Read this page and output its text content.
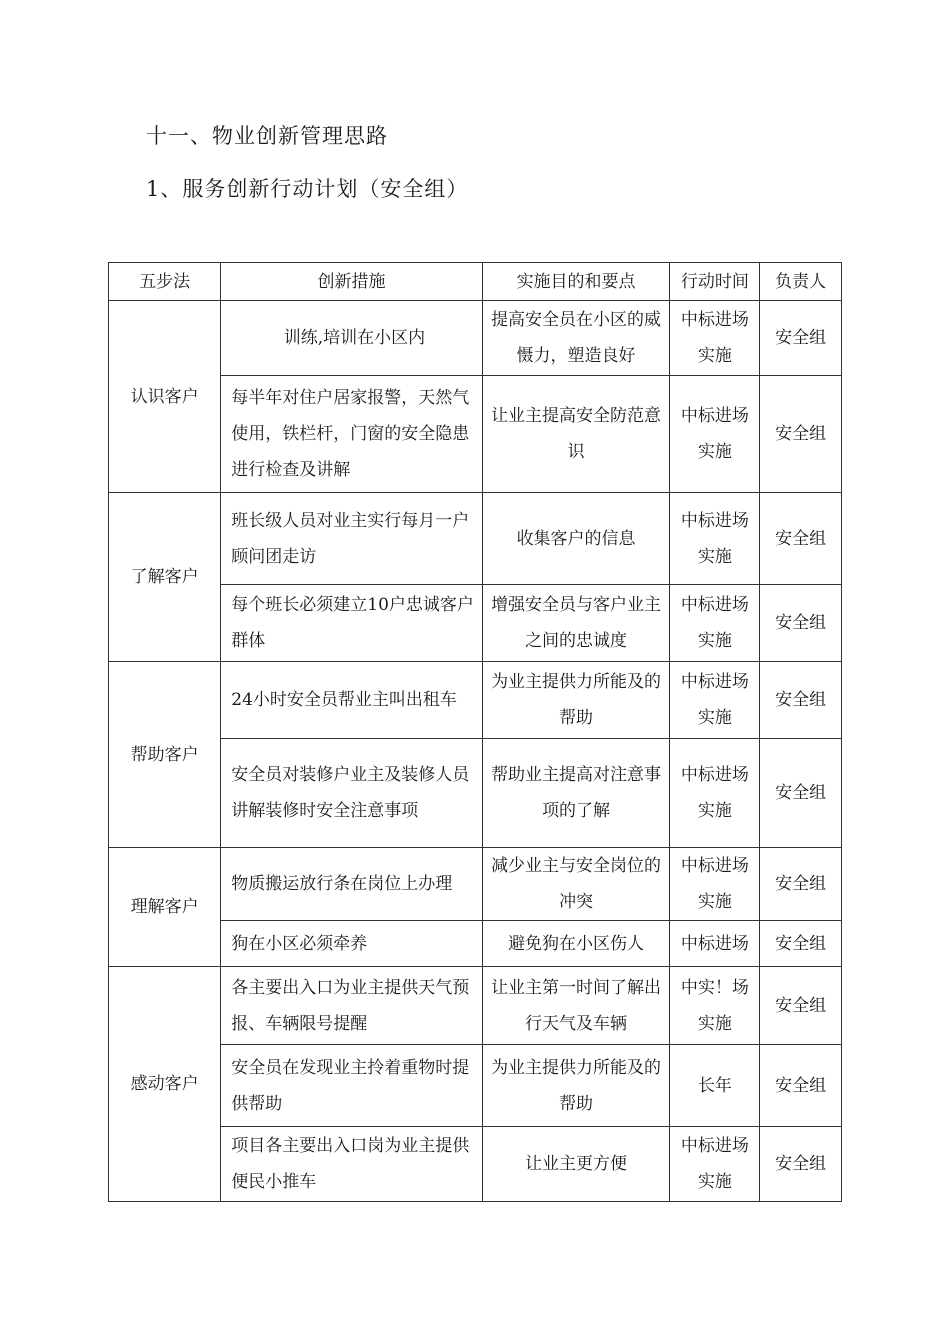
十一、物业创新管理思路
1、服务创新行动计划（安全组）
五步法	创新措施	实施目的和要点	行动时间	负责人
认识客户	训练,培训在小区内	提高安全员在小区的威慑力，塑造良好	中标进场实施	安全组
	每半年对住户居家报警，天然气使用，铁栏杆，门窗的安全隐患进行检查及讲解	让业主提高安全防范意识	中标进场实施	安全组
了解客户	班长级人员对业主实行每月一户顾问团走访	收集客户的信息	中标进场实施	安全组
	每个班长必须建立10户忠诚客户群体	增强安全员与客户业主之间的忠诚度	中标进场实施	安全组
帮助客户	24小时安全员帮业主叫出租车	为业主提供力所能及的帮助	中标进场实施	安全组
	安全员对装修户业主及装修人员讲解装修时安全注意事项	帮助业主提高对注意事项的了解	中标进场实施	安全组
理解客户	物质搬运放行条在岗位上办理	减少业主与安全岗位的冲突	中标进场实施	安全组
	狗在小区必须牵养	避免狗在小区伤人	中标进场	安全组
感动客户	各主要出入口为业主提供天气预报、车辆限号提醒	让业主第一时间了解出行天气及车辆	中实！场实施	安全组
	安全员在发现业主拎着重物时提供帮助	为业主提供力所能及的帮助	长年	安全组
	项目各主要出入口岗为业主提供便民小推车	让业主更方便	中标进场实施	安全组
